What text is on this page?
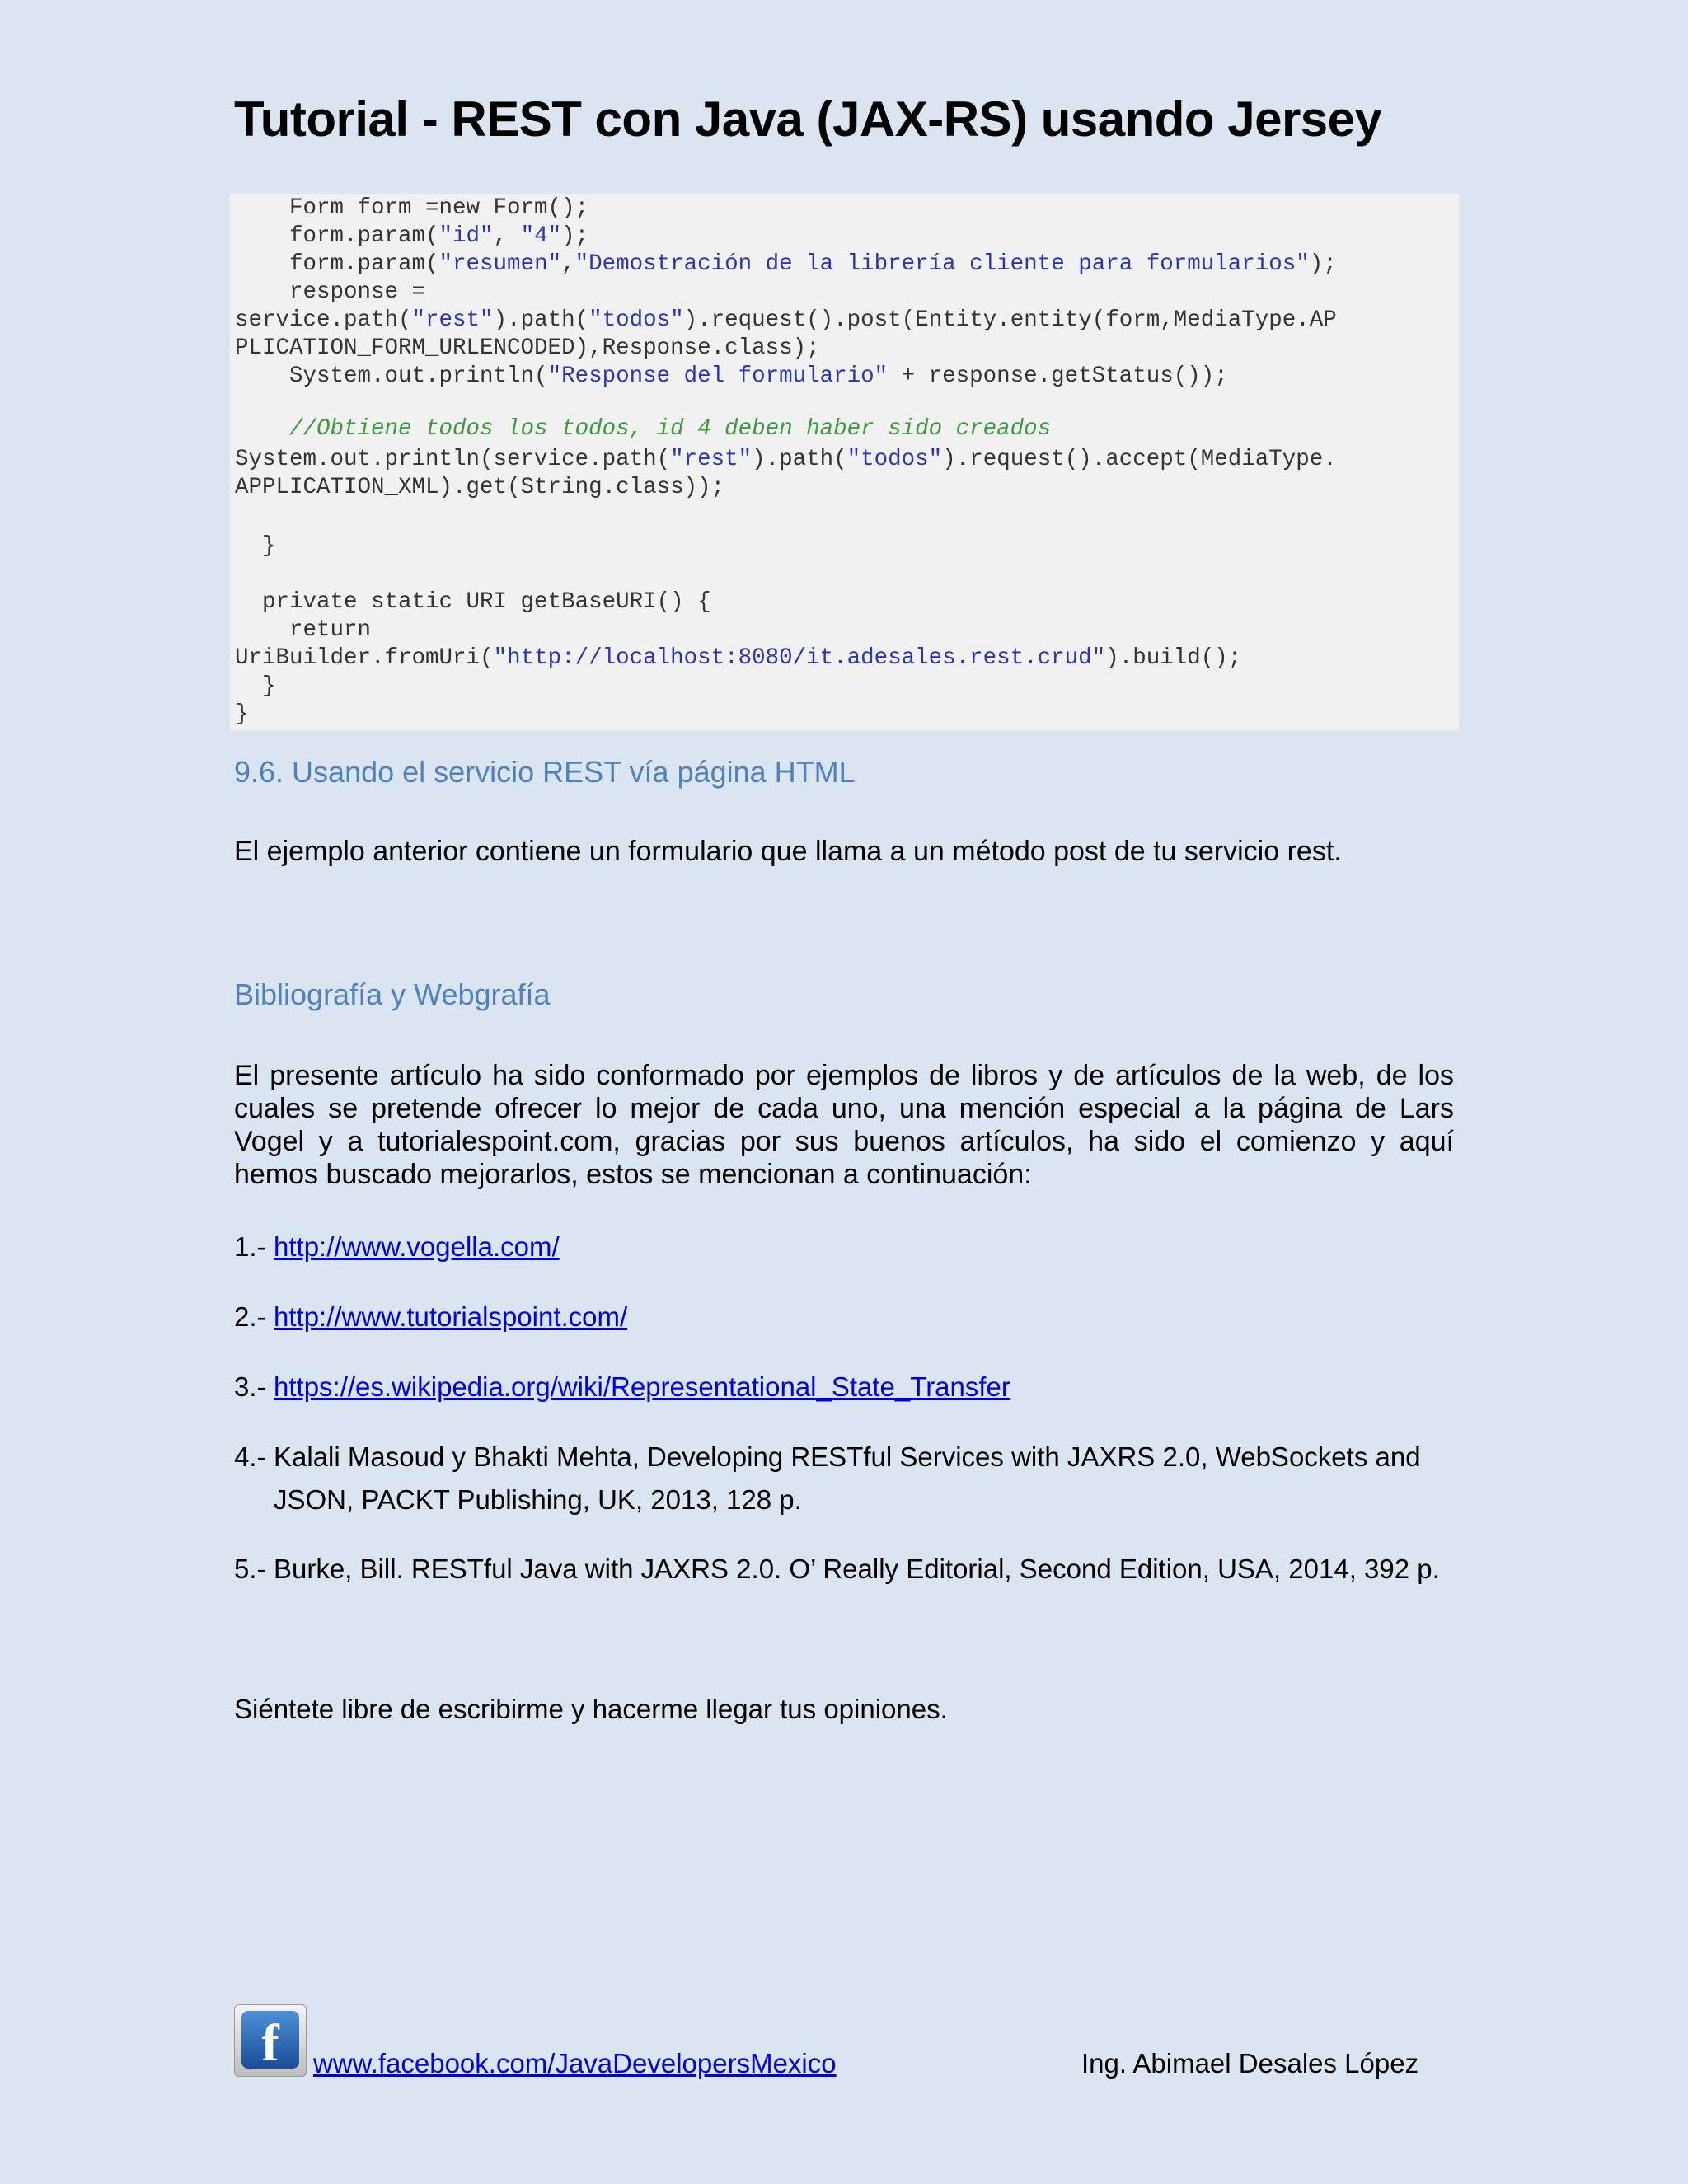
Tutorial - REST con Java (JAX-RS) usando Jersey
Form form =new Form();
form.param("id", "4");
form.param("resumen","Demostración de la librería cliente para formularios");
response =
service.path("rest").path("todos").request().post(Entity.entity(form,MediaType.AP
PLICATION_FORM_URLENCODED),Response.class);
System.out.println("Response del formulario" + response.getStatus());
//Obtiene todos los todos, id 4 deben haber sido creados
System.out.println(service.path("rest").path("todos").request().accept(MediaType.
APPLICATION_XML).get(String.class));
}
private static URI getBaseURI() {
return
UriBuilder.fromUri("http://localhost:8080/it.adesales.rest.crud").build();
}
}
9.6. Usando el servicio REST vía página HTML

El ejemplo anterior contiene un formulario que llama a un método post de tu servicio rest.

Bibliografía y Webgrafía
El presente artículo ha sido conformado por ejemplos de libros y de artículos de la web, de los
cuales se pretende ofrecer lo mejor de cada uno, una mención especial a la página de Lars
Vogel y a tutorialespoint.com, gracias por sus buenos artículos, ha sido el comienzo y aquí
hemos buscado mejorarlos, estos se mencionan a continuación:
1.- http://www.vogella.com/
2.- http://www.tutorialspoint.com/
3.- https://es.wikipedia.org/wiki/Representational_State_Transfer
4.- Kalali Masoud y Bhakti Mehta, Developing RESTful Services with JAXRS 2.0, WebSockets and
JSON, PACKT Publishing, UK, 2013, 128 p.
5.- Burke, Bill. RESTful Java with JAXRS 2.0. O’ Really Editorial, Second Edition, USA, 2014, 392 p.

Siéntete libre de escribirme y hacerme llegar tus opiniones.

f	www.facebook.com/JavaDevelopersMexico	Ing. Abimael Desales López
